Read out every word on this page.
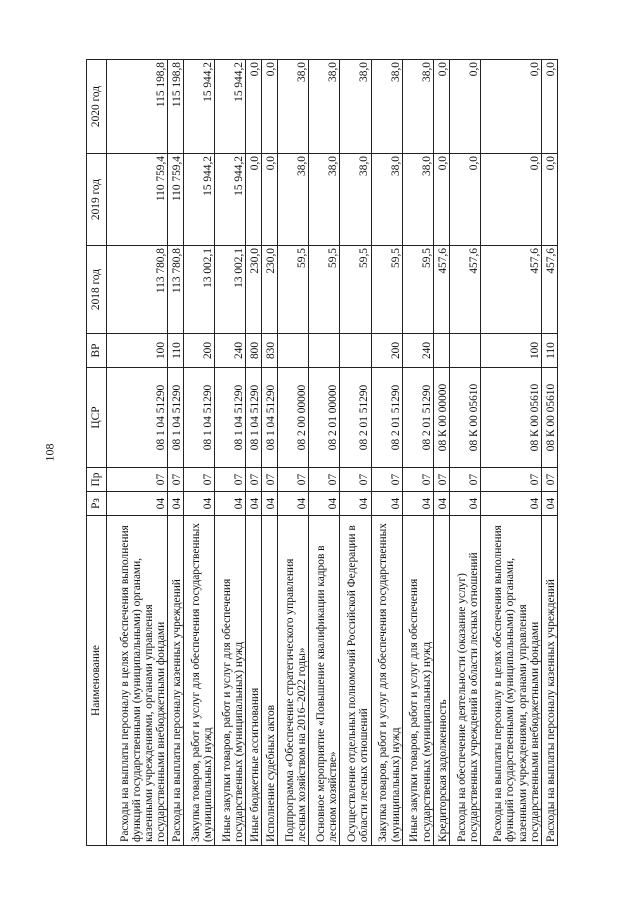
108
Наименование	Рз	Пр	ЦСР	ВР	2018 год	2019 год	2020 год
Расходы на выплаты персоналу в целях обеспечения выполнения функций государственными (муниципальными) органами, казенными учреждениями, органами управления государственными внебюджетными фондами	04	07	08 1 04 51290	100	113 780,8	110 759,4	115 198,8
Расходы на выплаты персоналу казенных учреждений	04	07	08 1 04 51290	110	113 780,8	110 759,4	115 198,8
Закупка товаров, работ и услуг для обеспечения государственных (муниципальных) нужд	04	07	08 1 04 51290	200	13 002,1	15 944,2	15 944,2
Иные закупки товаров, работ и услуг для обеспечения государственных (муниципальных) нужд	04	07	08 1 04 51290	240	13 002,1	15 944,2	15 944,2
Иные бюджетные ассигнования	04	07	08 1 04 51290	800	230,0	0,0	0,0
Исполнение судебных актов	04	07	08 1 04 51290	830	230,0	0,0	0,0
Подпрограмма «Обеспечение стратегического управления лесным хозяйством на 2016–2022 годы»	04	07	08 2 00 00000		59,5	38,0	38,0
Основное мероприятие «Повышение квалификации кадров в лесном хозяйстве»	04	07	08 2 01 00000		59,5	38,0	38,0
Осуществление отдельных полномочий Российской Федерации в области лесных отношений	04	07	08 2 01 51290		59,5	38,0	38,0
Закупка товаров, работ и услуг для обеспечения государственных (муниципальных) нужд	04	07	08 2 01 51290	200	59,5	38,0	38,0
Иные закупки товаров, работ и услуг для обеспечения государственных (муниципальных) нужд	04	07	08 2 01 51290	240	59,5	38,0	38,0
Кредиторская задолженность	04	07	08 К 00 00000		457,6	0,0	0,0
Расходы на обеспечение деятельности (оказание услуг) государственных учреждений в области лесных отношений	04	07	08 К 00 05610		457,6	0,0	0,0
Расходы на выплаты персоналу в целях обеспечения выполнения функций государственными (муниципальными) органами, казенными учреждениями, органами управления государственными внебюджетными фондами	04	07	08 К 00 05610	100	457,6	0,0	0,0
Расходы на выплаты персоналу казенных учреждений	04	07	08 К 00 05610	110	457,6	0,0	0,0
